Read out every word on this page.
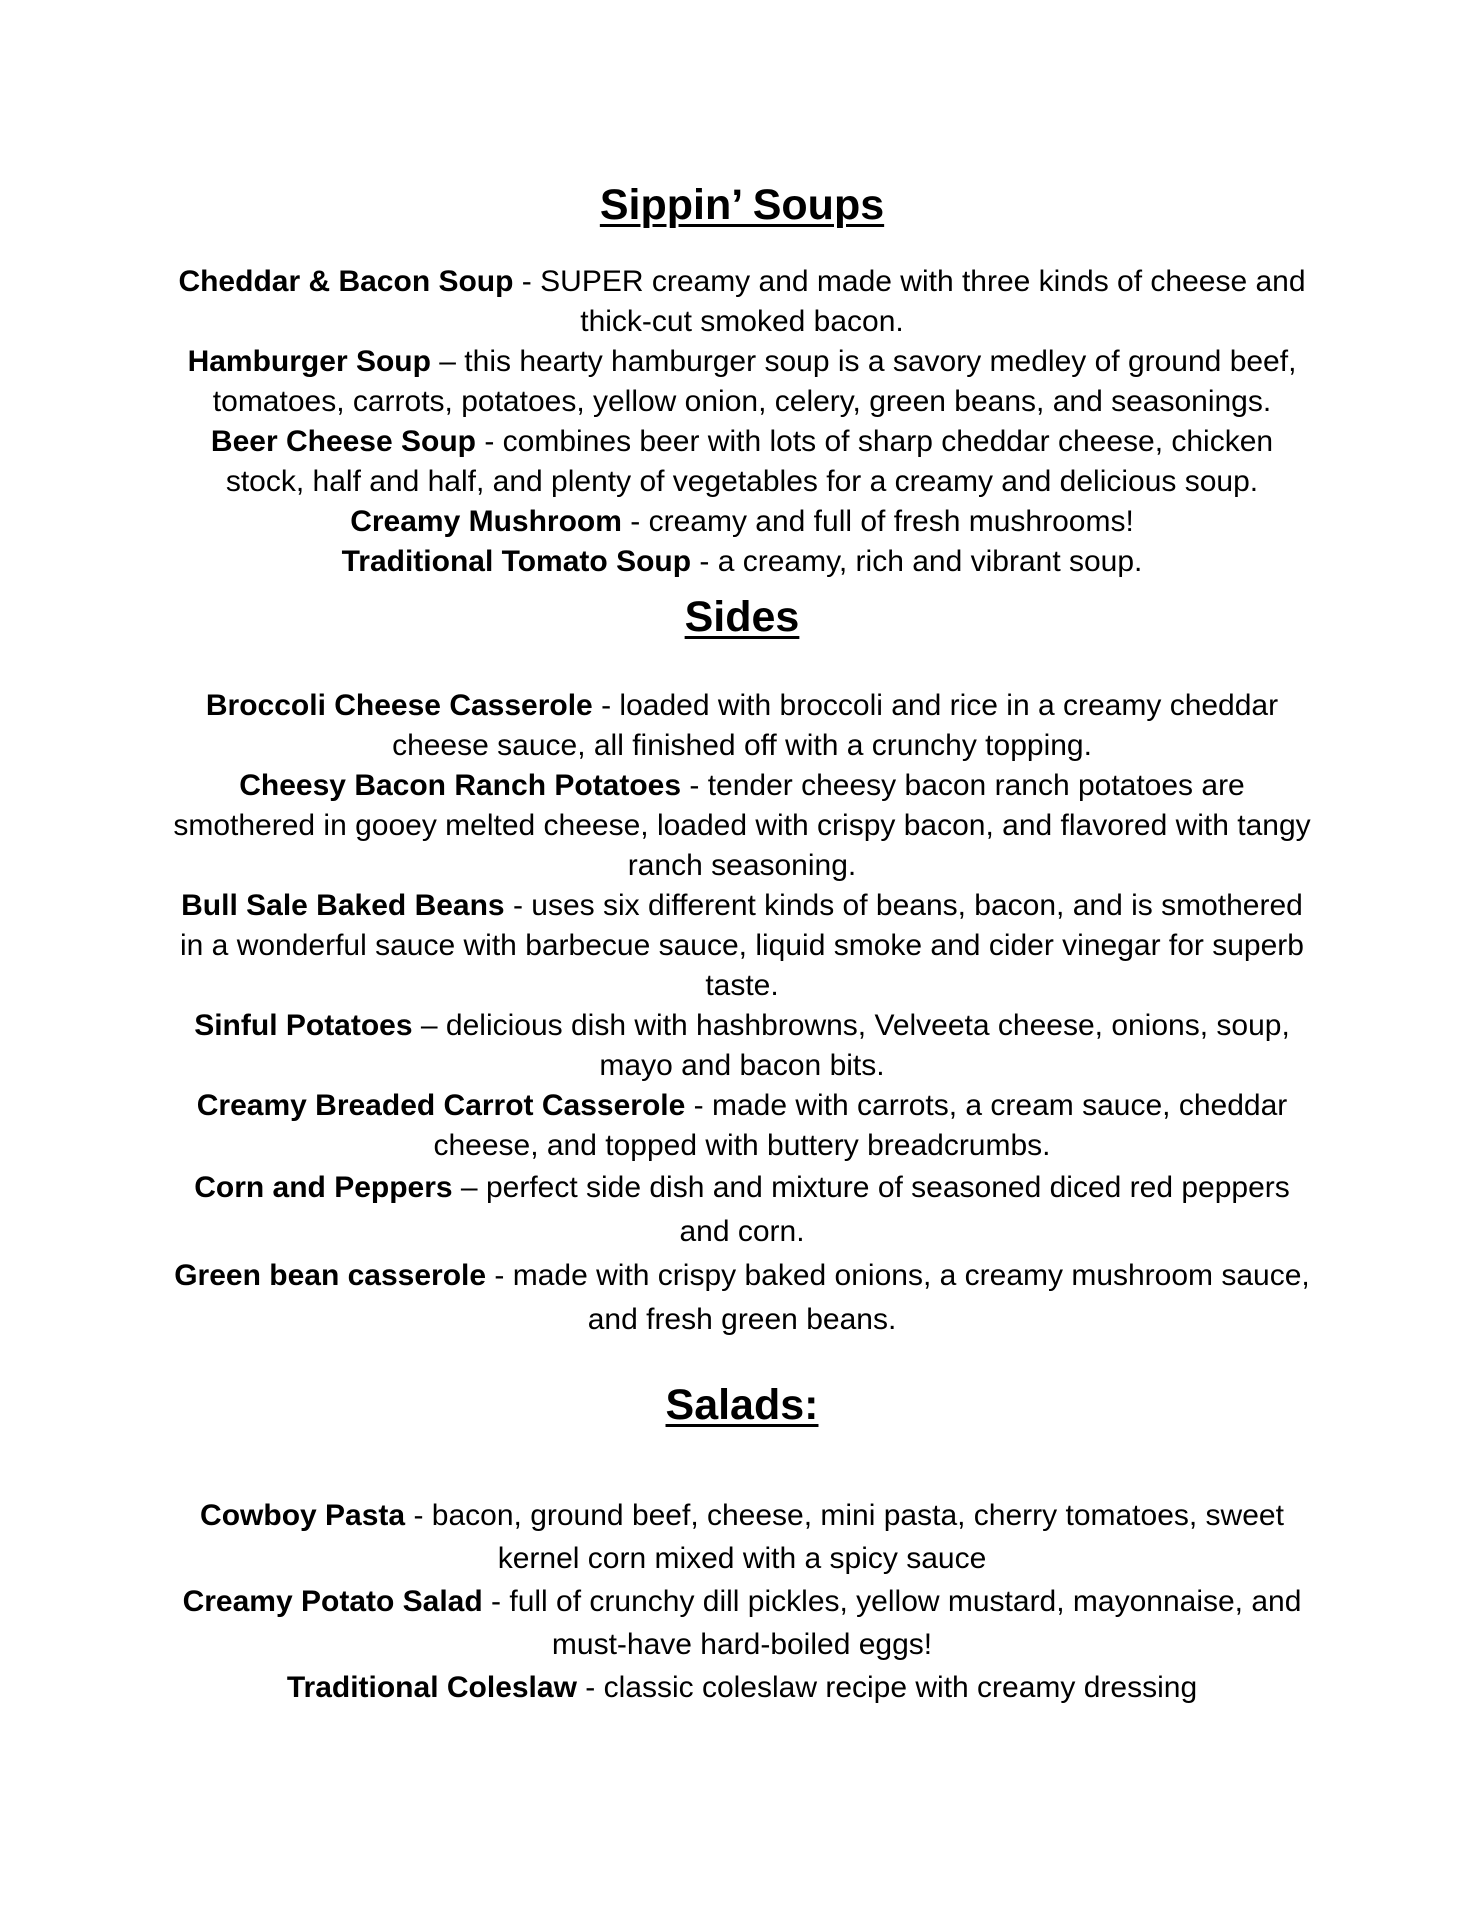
Sippin’ Soups

Cheddar & Bacon Soup - SUPER creamy and made with three kinds of cheese and thick-cut smoked bacon.

Hamburger Soup – this hearty hamburger soup is a savory medley of ground beef, tomatoes, carrots, potatoes, yellow onion, celery, green beans, and seasonings.

Beer Cheese Soup - combines beer with lots of sharp cheddar cheese, chicken stock, half and half, and plenty of vegetables for a creamy and delicious soup.

Creamy Mushroom - creamy and full of fresh mushrooms!

Traditional Tomato Soup - a creamy, rich and vibrant soup.

Sides

Broccoli Cheese Casserole - loaded with broccoli and rice in a creamy cheddar cheese sauce, all finished off with a crunchy topping.

Cheesy Bacon Ranch Potatoes - tender cheesy bacon ranch potatoes are smothered in gooey melted cheese, loaded with crispy bacon, and flavored with tangy ranch seasoning.

Bull Sale Baked Beans - uses six different kinds of beans, bacon, and is smothered in a wonderful sauce with barbecue sauce, liquid smoke and cider vinegar for superb taste.

Sinful Potatoes – delicious dish with hashbrowns, Velveeta cheese, onions, soup, mayo and bacon bits.

Creamy Breaded Carrot Casserole - made with carrots, a cream sauce, cheddar cheese, and topped with buttery breadcrumbs.

Corn and Peppers – perfect side dish and mixture of seasoned diced red peppers and corn.

Green bean casserole - made with crispy baked onions, a creamy mushroom sauce, and fresh green beans.

Salads:

Cowboy Pasta - bacon, ground beef, cheese, mini pasta, cherry tomatoes, sweet kernel corn mixed with a spicy sauce

Creamy Potato Salad - full of crunchy dill pickles, yellow mustard, mayonnaise, and must-have hard-boiled eggs!

Traditional Coleslaw - classic coleslaw recipe with creamy dressing
